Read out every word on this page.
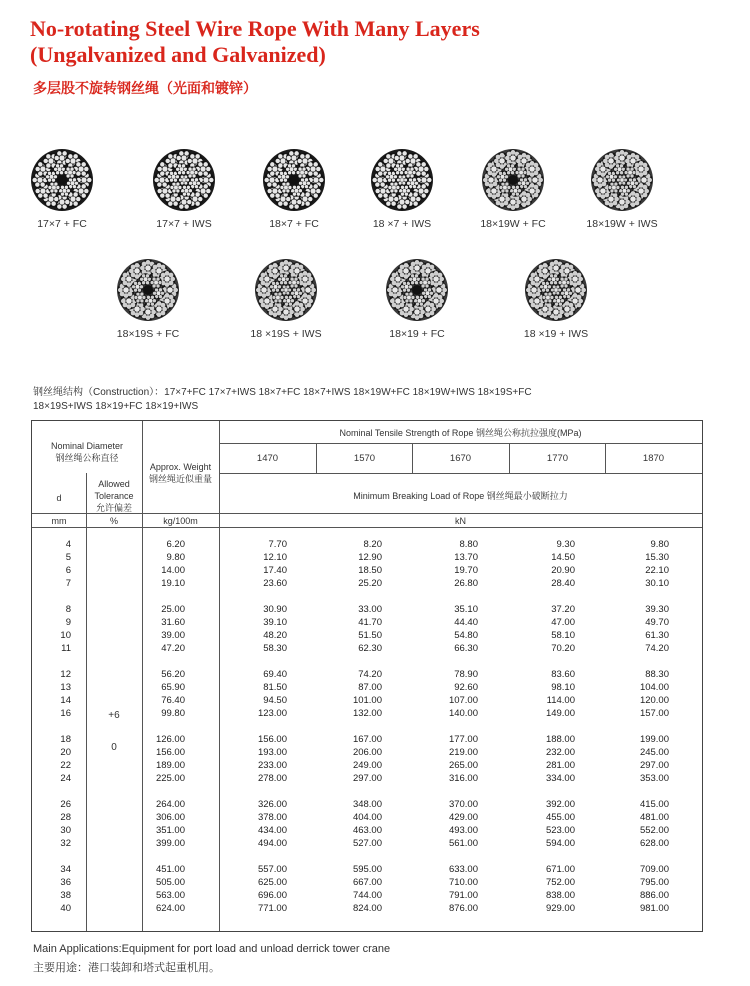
No-rotating Steel Wire Rope With Many Layers
(Ungalvanized and Galvanized)
多层股不旋转钢丝绳（光面和镀锌）
17×7 + FC	17×7 + IWS	18×7 + FC	18 ×7 + IWS	18×19W + FC	18×19W + IWS
18×19S + FC	18 ×19S + IWS	18×19 + FC	18 ×19 + IWS
钢丝绳结构（Construction）：17×7+FC 17×7+IWS 18×7+FC 18×7+IWS 18×19W+FC 18×19W+IWS 18×19S+FC
18×19S+IWS 18×19+FC 18×19+IWS
Nominal Diameter
钢丝绳公称直径
Approx. Weight
钢丝绳近似重量
Nominal Tensile Strength of Rope 钢丝绳公称抗拉强度(MPa)
1470	1570	1670	1770	1870
Minimum Breaking Load of Rope 钢丝绳最小破断拉力
d
Allowed
Tolerance
允许偏差
mm	%	kg/100m	kN
+6
0
4	6.20	7.70	8.20	8.80	9.30	9.80
5	9.80	12.10	12.90	13.70	14.50	15.30
6	14.00	17.40	18.50	19.70	20.90	22.10
7	19.10	23.60	25.20	26.80	28.40	30.10
8	25.00	30.90	33.00	35.10	37.20	39.30
9	31.60	39.10	41.70	44.40	47.00	49.70
10	39.00	48.20	51.50	54.80	58.10	61.30
11	47.20	58.30	62.30	66.30	70.20	74.20
12	56.20	69.40	74.20	78.90	83.60	88.30
13	65.90	81.50	87.00	92.60	98.10	104.00
14	76.40	94.50	101.00	107.00	114.00	120.00
16	99.80	123.00	132.00	140.00	149.00	157.00
18	126.00	156.00	167.00	177.00	188.00	199.00
20	156.00	193.00	206.00	219.00	232.00	245.00
22	189.00	233.00	249.00	265.00	281.00	297.00
24	225.00	278.00	297.00	316.00	334.00	353.00
26	264.00	326.00	348.00	370.00	392.00	415.00
28	306.00	378.00	404.00	429.00	455.00	481.00
30	351.00	434.00	463.00	493.00	523.00	552.00
32	399.00	494.00	527.00	561.00	594.00	628.00
34	451.00	557.00	595.00	633.00	671.00	709.00
36	505.00	625.00	667.00	710.00	752.00	795.00
38	563.00	696.00	744.00	791.00	838.00	886.00
40	624.00	771.00	824.00	876.00	929.00	981.00
Main Applications:Equipment for port load and unload derrick tower crane
主要用途：港口装卸和塔式起重机用。
